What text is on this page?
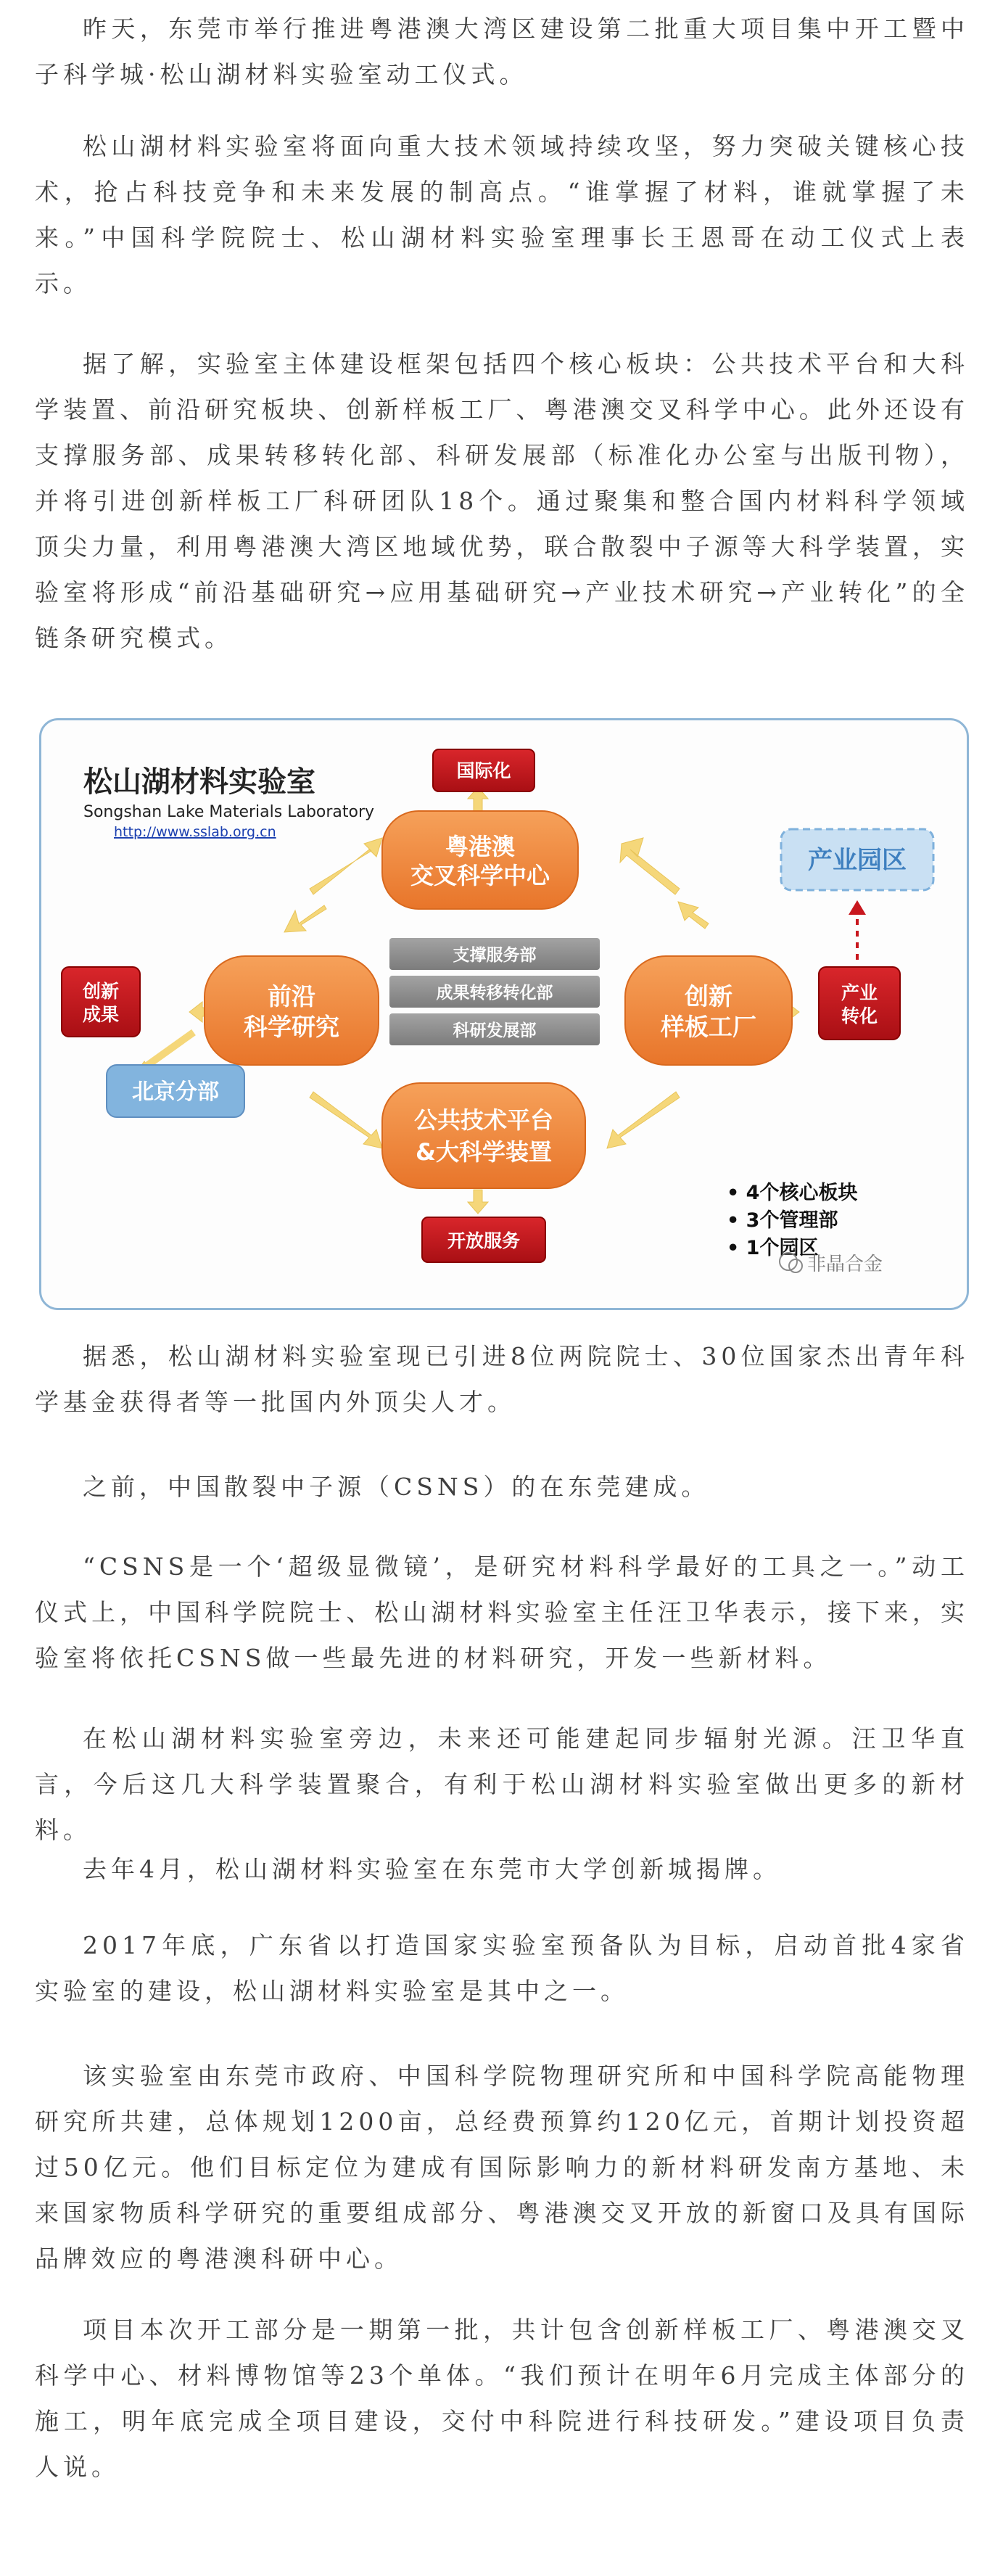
昨天，东莞市举行推进粤港澳大湾区建设第二批重大项目集中开工暨中子科学城·松山湖材料实验室动工仪式。

松山湖材料实验室将面向重大技术领域持续攻坚，努力突破关键核心技术，抢占科技竞争和未来发展的制高点。“谁掌握了材料，谁就掌握了未来。”中国科学院院士、松山湖材料实验室理事长王恩哥在动工仪式上表示。

据了解，实验室主体建设框架包括四个核心板块：公共技术平台和大科学装置、前沿研究板块、创新样板工厂、粤港澳交叉科学中心。此外还设有支撑服务部、成果转移转化部、科研发展部（标准化办公室与出版刊物），并将引进创新样板工厂科研团队18个。通过聚集和整合国内材料科学领域顶尖力量，利用粤港澳大湾区地域优势，联合散裂中子源等大科学装置，实验室将形成“前沿基础研究→应用基础研究→产业技术研究→产业转化”的全链条研究模式。

松山湖材料实验室
Songshan Lake Materials Laboratory
http://www.sslab.org.cn
国际化
创新
成果
产业
转化
开放服务
北京分部
产业园区
粤港澳
交叉科学中心
前沿
科学研究
创新
样板工厂
公共技术平台
&大科学装置
支撑服务部
成果转移转化部
科研发展部
• 4个核心板块
• 3个管理部
• 1个园区
非晶合金

据悉，松山湖材料实验室现已引进8位两院院士、30位国家杰出青年科学基金获得者等一批国内外顶尖人才。

之前，中国散裂中子源（CSNS）的在东莞建成。

“CSNS是一个‘超级显微镜’，是研究材料科学最好的工具之一。”动工仪式上，中国科学院院士、松山湖材料实验室主任汪卫华表示，接下来，实验室将依托CSNS做一些最先进的材料研究，开发一些新材料。

在松山湖材料实验室旁边，未来还可能建起同步辐射光源。汪卫华直言，今后这几大科学装置聚合，有利于松山湖材料实验室做出更多的新材料。

去年4月，松山湖材料实验室在东莞市大学创新城揭牌。

2017年底，广东省以打造国家实验室预备队为目标，启动首批4家省实验室的建设，松山湖材料实验室是其中之一。

该实验室由东莞市政府、中国科学院物理研究所和中国科学院高能物理研究所共建，总体规划1200亩，总经费预算约120亿元，首期计划投资超过50亿元。他们目标定位为建成有国际影响力的新材料研发南方基地、未来国家物质科学研究的重要组成部分、粤港澳交叉开放的新窗口及具有国际品牌效应的粤港澳科研中心。

项目本次开工部分是一期第一批，共计包含创新样板工厂、粤港澳交叉科学中心、材料博物馆等23个单体。“我们预计在明年6月完成主体部分的施工，明年底完成全项目建设，交付中科院进行科技研发。”建设项目负责人说。
